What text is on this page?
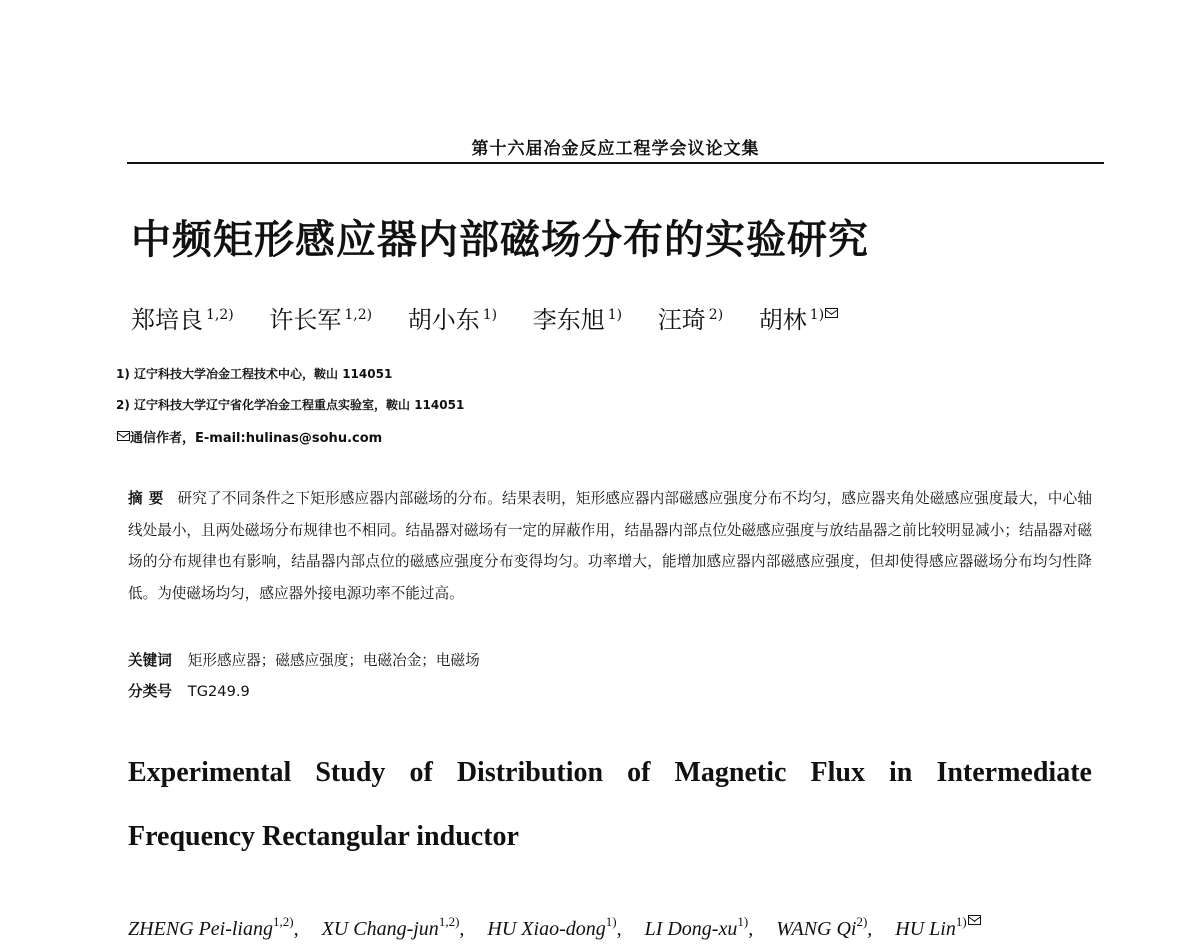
第十六届冶金反应工程学会议论文集
中频矩形感应器内部磁场分布的实验研究
郑培良 $^{1,2)}$ 许长军 $^{1,2)}$ 胡小东 $^{1)}$ 李东旭 $^{1)}$ 汪琦 $^{2)}$ 胡林 $^{1)}$
1) 辽宁科技大学冶金工程技术中心，鞍山 114051
2) 辽宁科技大学辽宁省化学冶金工程重点实验室，鞍山 114051
通信作者，E-mail:hulinas@sohu.com
摘要 研究了不同条件之下矩形感应器内部磁场的分布。结果表明，矩形感应器内部磁感应强度分布不均匀，感应器夹角处磁感应强度最大，中心轴线处最小，且两处磁场分布规律也不相同。结晶器对磁场有一定的屏蔽作用，结晶器内部点位处磁感应强度与放结晶器之前比较明显减小；结晶器对磁场的分布规律也有影响，结晶器内部点位的磁感应强度分布变得均匀。功率增大，能增加感应器内部磁感应强度，但却使得感应器磁场分布均匀性降低。为使磁场均匀，感应器外接电源功率不能过高。
关键词 矩形感应器；磁感应强度；电磁冶金；电磁场
分类号 TG249.9
Experimental Study of Distribution of Magnetic Flux in Intermediate
Frequency Rectangular inductor
ZHENG Pei-liang$^{1,2)}$, XU Chang-jun$^{1,2)}$, HU Xiao-dong$^{1)}$, LI Dong-$xu^{1)}$, WANG Qi$^{2)}$, HU Lin$^{1)}$
